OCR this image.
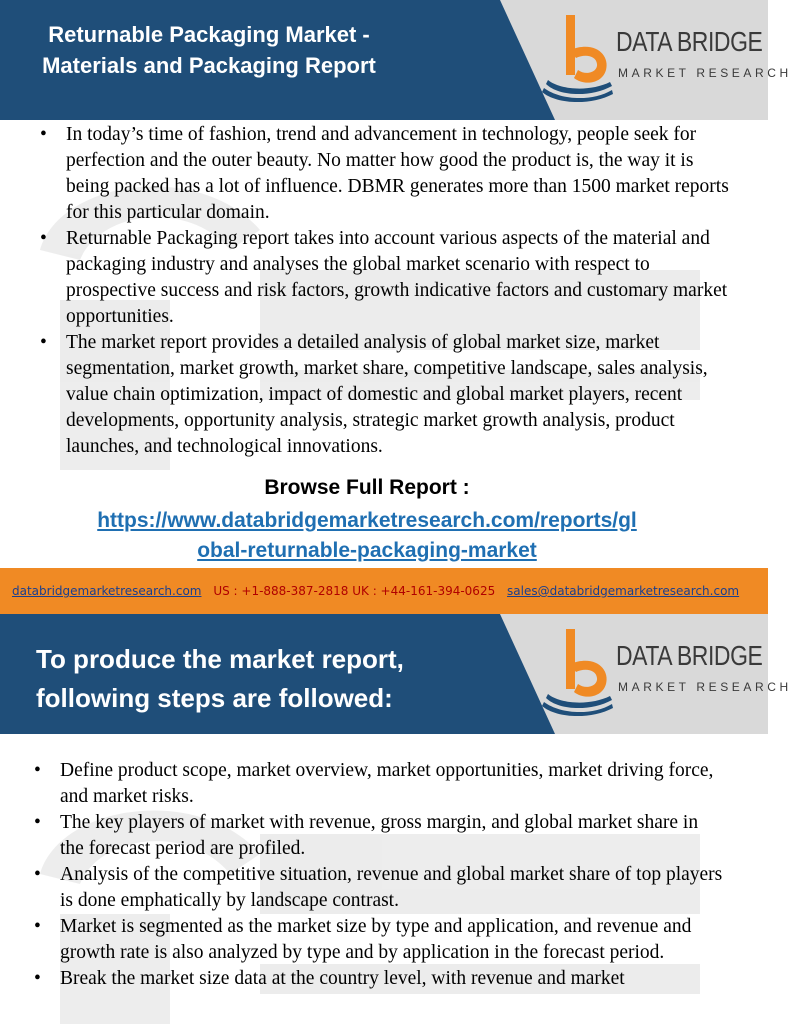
Returnable Packaging Market - Materials and Packaging Report
DATA BRIDGE
MARKET RESEARCH
• In today’s time of fashion, trend and advancement in technology, people seek for perfection and the outer beauty. No matter how good the product is, the way it is being packed has a lot of influence. DBMR generates more than 1500 market reports for this particular domain.
• Returnable Packaging report takes into account various aspects of the material and packaging industry and analyses the global market scenario with respect to prospective success and risk factors, growth indicative factors and customary market opportunities.
• The market report provides a detailed analysis of global market size, market segmentation, market growth, market share, competitive landscape, sales analysis, value chain optimization, impact of domestic and global market players, recent developments, opportunity analysis, strategic market growth analysis, product launches, and technological innovations.
Browse Full Report :
https://www.databridgemarketresearch.com/reports/gl
obal-returnable-packaging-market
databridgemarketresearch.com US : +1-888-387-2818 UK : +44-161-394-0625 sales@databridgemarketresearch.com
To produce the market report,
following steps are followed:
DATA BRIDGE
MARKET RESEARCH
• Define product scope, market overview, market opportunities, market driving force, and market risks.
• The key players of market with revenue, gross margin, and global market share in the forecast period are profiled.
• Analysis of the competitive situation, revenue and global market share of top players is done emphatically by landscape contrast.
• Market is segmented as the market size by type and application, and revenue and growth rate is also analyzed by type and by application in the forecast period.
• Break the market size data at the country level, with revenue and market
